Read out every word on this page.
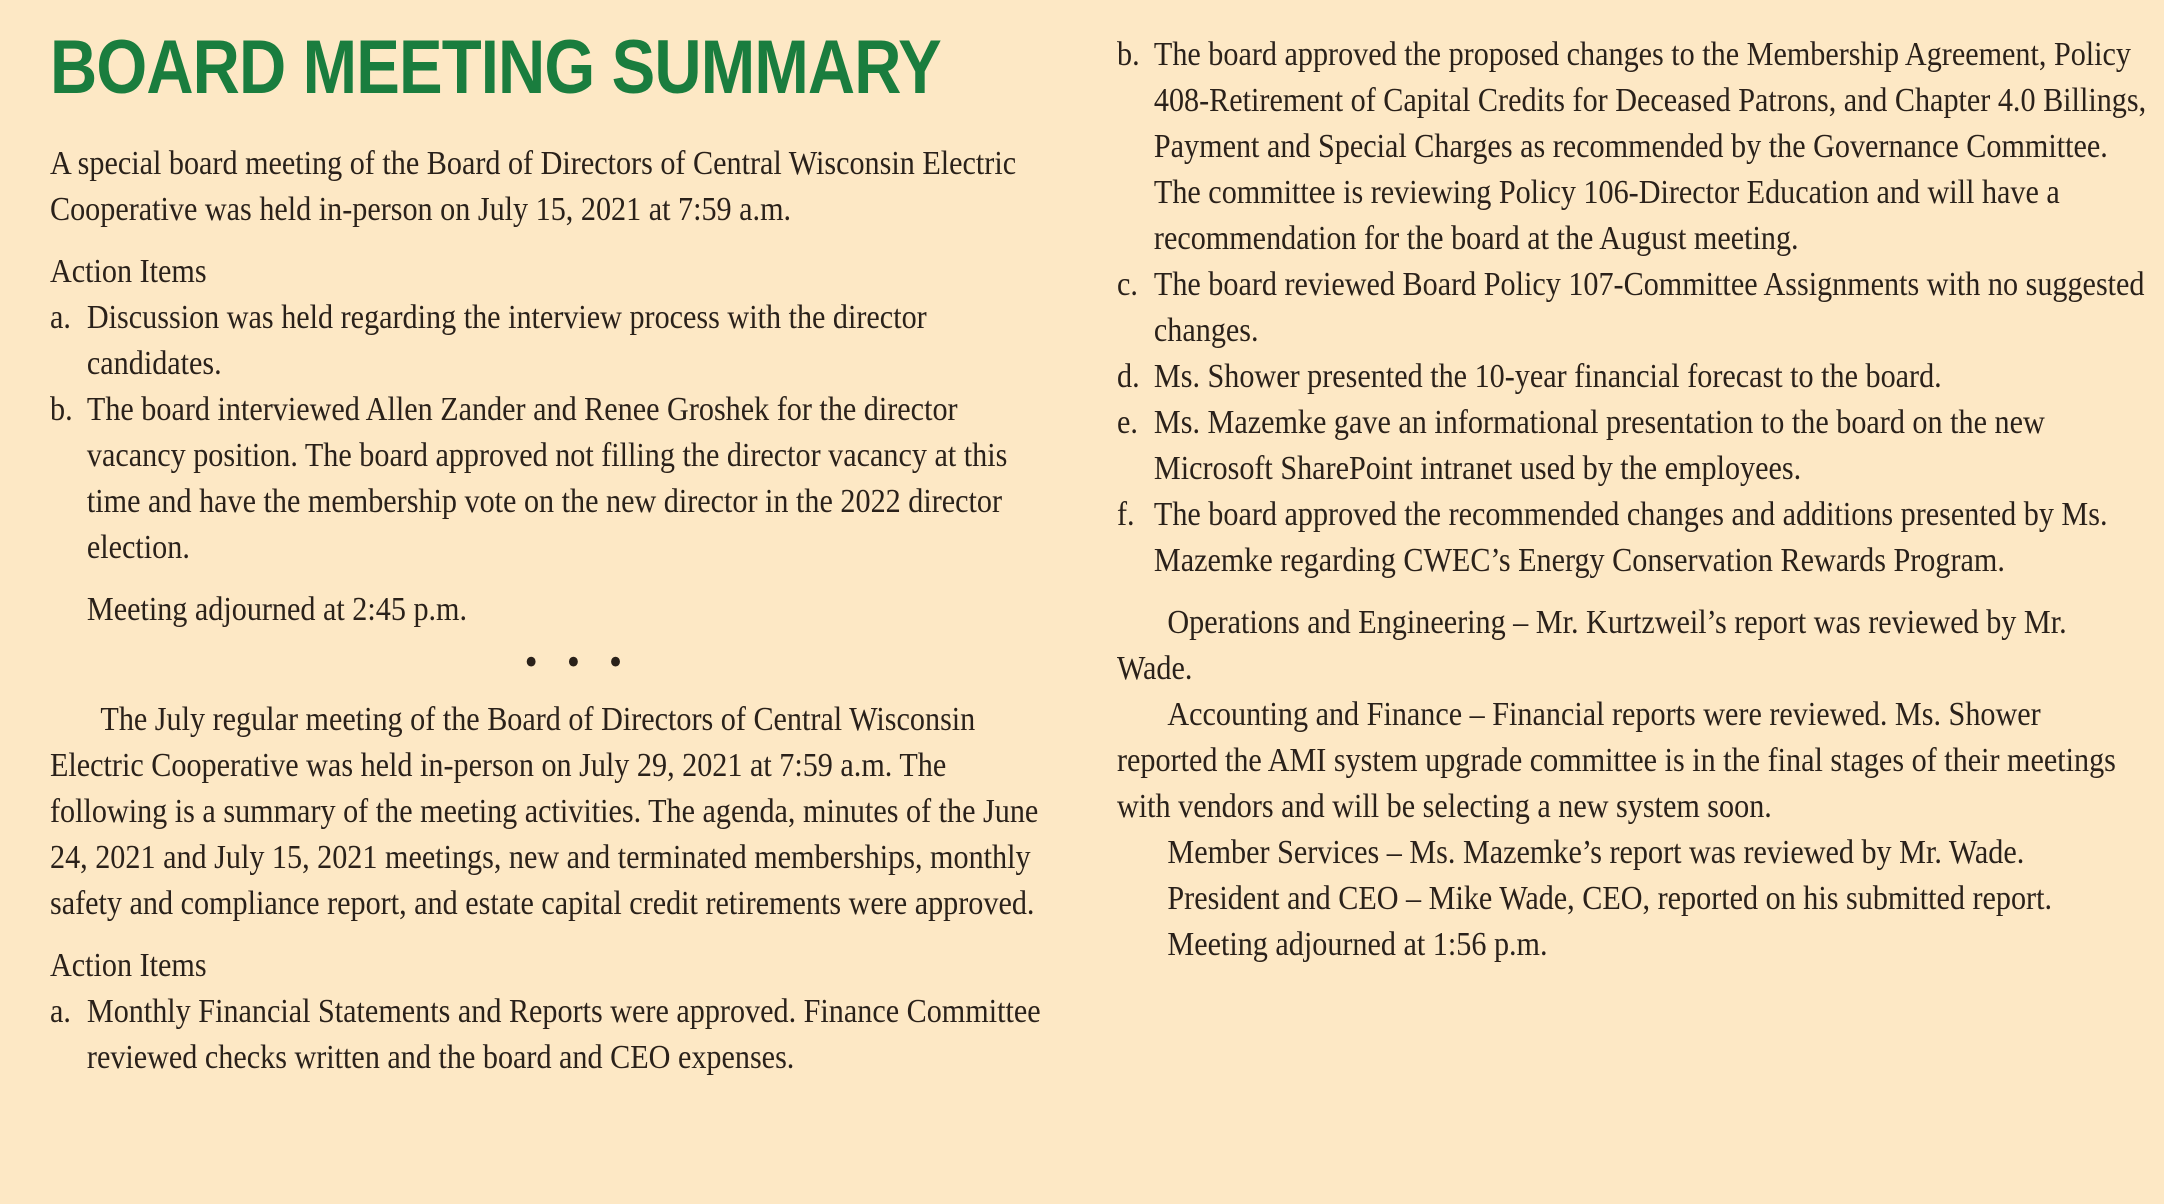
BOARD MEETING SUMMARY

A special board meeting of the Board of Directors of Central Wisconsin Electric Cooperative was held in-person on July 15, 2021 at 7:59 a.m.

Action Items

a. Discussion was held regarding the interview process with the director candidates.
b. The board interviewed Allen Zander and Renee Groshek for the director vacancy position. The board approved not filling the director vacancy at this time and have the membership vote on the new director in the 2022 director election.

Meeting adjourned at 2:45 p.m.

• • •

The July regular meeting of the Board of Directors of Central Wisconsin Electric Cooperative was held in-person on July 29, 2021 at 7:59 a.m. The following is a summary of the meeting activities. The agenda, minutes of the June 24, 2021 and July 15, 2021 meetings, new and terminated memberships, monthly safety and compliance report, and estate capital credit retirements were approved.

Action Items

a. Monthly Financial Statements and Reports were approved. Finance Committee reviewed checks written and the board and CEO expenses.
b. The board approved the proposed changes to the Membership Agreement, Policy 408-Retirement of Capital Credits for Deceased Patrons, and Chapter 4.0 Billings, Payment and Special Charges as recommended by the Governance Committee. The committee is reviewing Policy 106-Director Education and will have a recommendation for the board at the August meeting.
c. The board reviewed Board Policy 107-Committee Assignments with no suggested changes.
d. Ms. Shower presented the 10-year financial forecast to the board.
e. Ms. Mazemke gave an informational presentation to the board on the new Microsoft SharePoint intranet used by the employees.
f. The board approved the recommended changes and additions presented by Ms. Mazemke regarding CWEC’s Energy Conservation Rewards Program.

Operations and Engineering – Mr. Kurtzweil’s report was reviewed by Mr. Wade.

Accounting and Finance – Financial reports were reviewed. Ms. Shower reported the AMI system upgrade committee is in the final stages of their meetings with vendors and will be selecting a new system soon.

Member Services – Ms. Mazemke’s report was reviewed by Mr. Wade.

President and CEO – Mike Wade, CEO, reported on his submitted report.

Meeting adjourned at 1:56 p.m.
